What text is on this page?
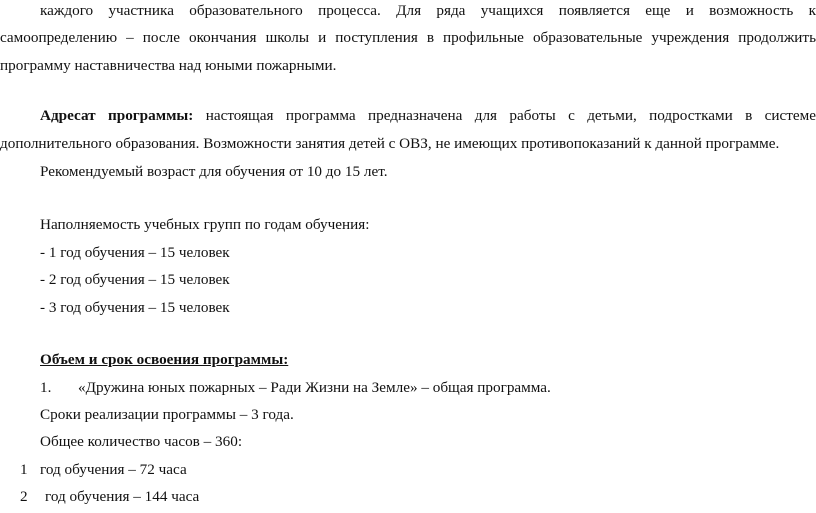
каждого участника образовательного процесса. Для ряда учащихся появляется еще и возможность к
самоопределению – после окончания школы и поступления в профильные образовательные учреждения продолжить
программу наставничества над юными пожарными.
Адресат программы: настоящая программа предназначена для работы с детьми, подростками в системе
дополнительного образования. Возможности занятия детей с ОВЗ, не имеющих противопоказаний к данной программе.
Рекомендуемый возраст для обучения от 10 до 15 лет.
Наполняемость учебных групп по годам обучения:
- 1 год обучения – 15 человек
- 2 год обучения – 15 человек
- 3 год обучения – 15 человек
Объем и срок освоения программы:
1. «Дружина юных пожарных – Ради Жизни на Земле» – общая программа.
Сроки реализации программы – 3 года.
Общее количество часов – 360:
1 год обучения – 72 часа
2 год обучения – 144 часа
